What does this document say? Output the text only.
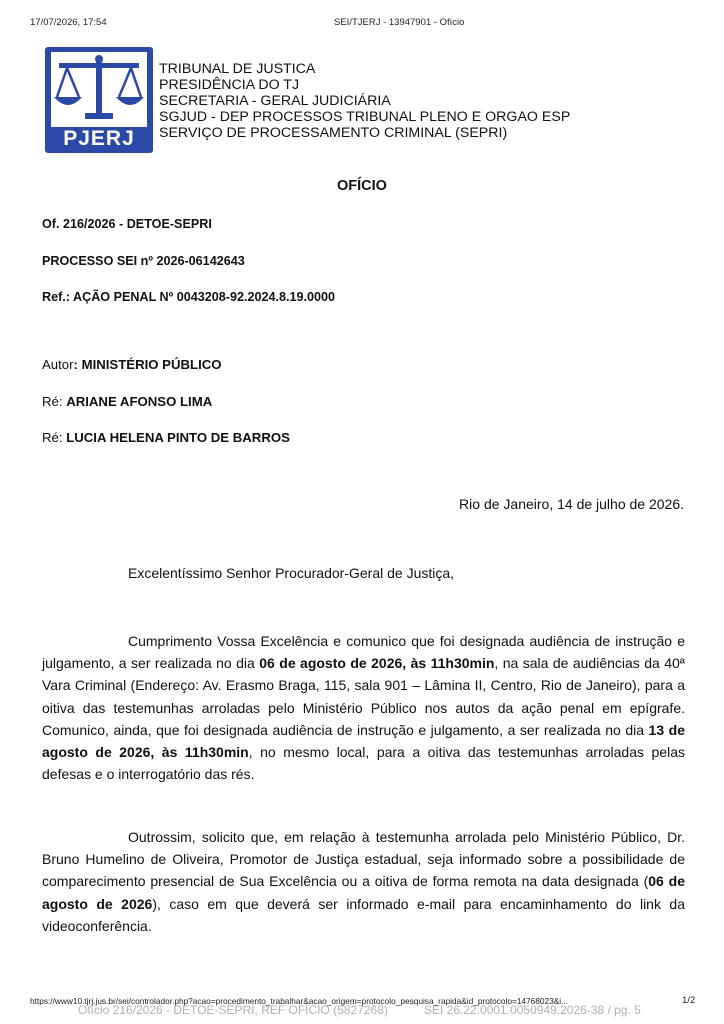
17/07/2026, 17:54	SEI/TJERJ - 13947901 - Ofício
PJERJ
TRIBUNAL DE JUSTICA
PRESIDÊNCIA DO TJ
SECRETARIA - GERAL JUDICIÁRIA
SGJUD - DEP PROCESSOS TRIBUNAL PLENO E ORGAO ESP
SERVIÇO DE PROCESSAMENTO CRIMINAL (SEPRI)
OFÍCIO
Of. 216/2026 - DETOE-SEPRI
PROCESSO SEI nº 2026-06142643
Ref.: AÇÃO PENAL Nº 0043208-92.2024.8.19.0000
Autor: MINISTÉRIO PÚBLICO
Ré: ARIANE AFONSO LIMA
Ré: LUCIA HELENA PINTO DE BARROS
Rio de Janeiro, 14 de julho de 2026.
Excelentíssimo Senhor Procurador-Geral de Justiça,
Cumprimento Vossa Excelência e comunico que foi designada audiência de instrução e julgamento, a ser realizada no dia 06 de agosto de 2026, às 11h30min, na sala de audiências da 40ª Vara Criminal (Endereço: Av. Erasmo Braga, 115, sala 901 – Lâmina II, Centro, Rio de Janeiro), para a oitiva das testemunhas arroladas pelo Ministério Público nos autos da ação penal em epígrafe. Comunico, ainda, que foi designada audiência de instrução e julgamento, a ser realizada no dia 13 de agosto de 2026, às 11h30min, no mesmo local, para a oitiva das testemunhas arroladas pelas defesas e o interrogatório das rés.
Outrossim, solicito que, em relação à testemunha arrolada pelo Ministério Público, Dr. Bruno Humelino de Oliveira, Promotor de Justiça estadual, seja informado sobre a possibilidade de comparecimento presencial de Sua Excelência ou a oitiva de forma remota na data designada (06 de agosto de 2026), caso em que deverá ser informado e-mail para encaminhamento do link da videoconferência.
https://www10.tjrj.jus.br/sei/controlador.php?acao=procedimento_trabalhar&acao_origem=protocolo_pesquisa_rapida&id_protocolo=14768023&i...	1/2
Ofício 216/2026 - DETOE-SEPRI, REF OFÍCIO (5827268)	SEI 26.22.0001.0050949.2026-38 / pg. 5
